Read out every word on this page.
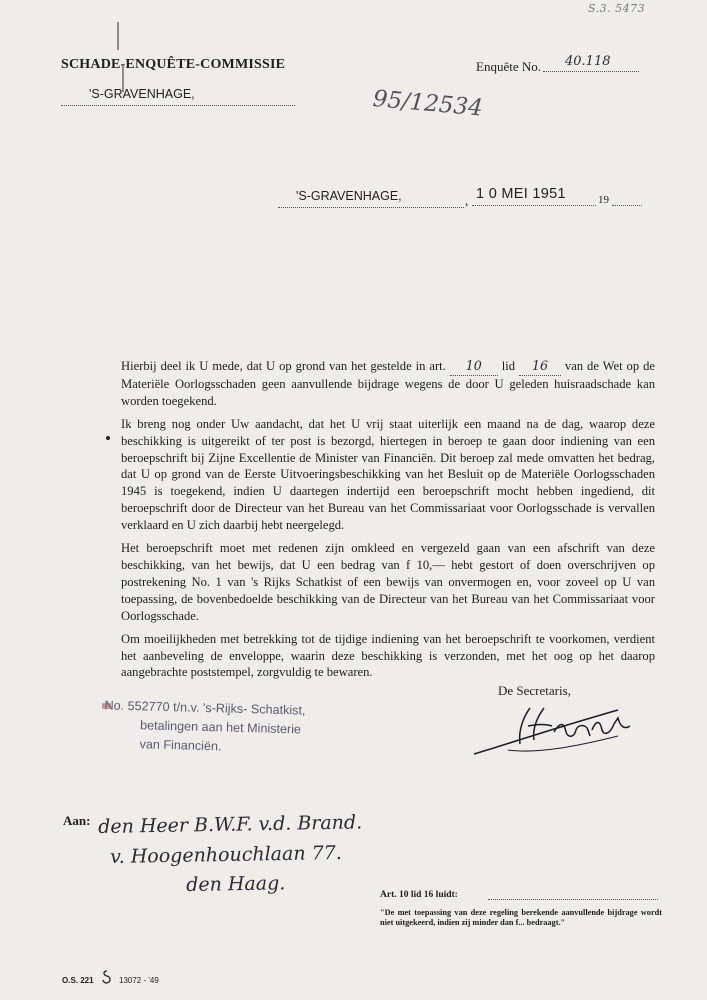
S.3. 5473
SCHADE-ENQUÊTE-COMMISSIE
'S-GRAVENHAGE,
Enquête No. 40.118
95/12534
'S-GRAVENHAGE,	, 1 0 MEI 1951	19

Hierbij deel ik U mede, dat U op grond van het gestelde in art. 10 lid 16 van de Wet op de Materiële Oorlogsschaden geen aanvullende bijdrage wegens de door U geleden huisraadschade kan worden toegekend.

Ik breng nog onder Uw aandacht, dat het U vrij staat uiterlijk een maand na de dag, waarop deze beschikking is uitgereikt of ter post is bezorgd, hiertegen in beroep te gaan door indiening van een beroepschrift bij Zijne Excellentie de Minister van Financiën. Dit beroep zal mede omvatten het bedrag, dat U op grond van de Eerste Uitvoeringsbeschikking van het Besluit op de Materiële Oorlogsschaden 1945 is toegekend, indien U daartegen indertijd een beroepschrift mocht hebben ingediend, dit beroepschrift door de Directeur van het Bureau van het Commissariaat voor Oorlogsschade is vervallen verklaard en U zich daarbij hebt neergelegd.

Het beroepschrift moet met redenen zijn omkleed en vergezeld gaan van een afschrift van deze beschikking, van het bewijs, dat U een bedrag van f 10,— hebt gestort of doen overschrijven op postrekening No. 1 van 's Rijks Schatkist of een bewijs van onvermogen en, voor zoveel op U van toepassing, de bovenbedoelde beschikking van de Directeur van het Bureau van het Commissariaat voor Oorlogsschade.

Om moeilijkheden met betrekking tot de tijdige indiening van het beroepschrift te voorkomen, verdient het aanbeveling de enveloppe, waarin deze beschikking is verzonden, met het oog op het daarop aangebrachte poststempel, zorgvuldig te bewaren.

De Secretaris,
No. 552770 t/n.v. 's-Rijks- Schatkist,
betalingen aan het Ministerie
van Financiën.
Aan: den Heer B.W.F. v.d. Brand.
v. Hoogenhouchlaan 77.
den Haag.	Art. 10 lid 16 luidt:
"De met toepassing van deze regeling berekende aanvullende bijdrage wordt niet uitgekeerd, indien zij minder dan f... bedraagt."
O.S. 221	13072 - '49
